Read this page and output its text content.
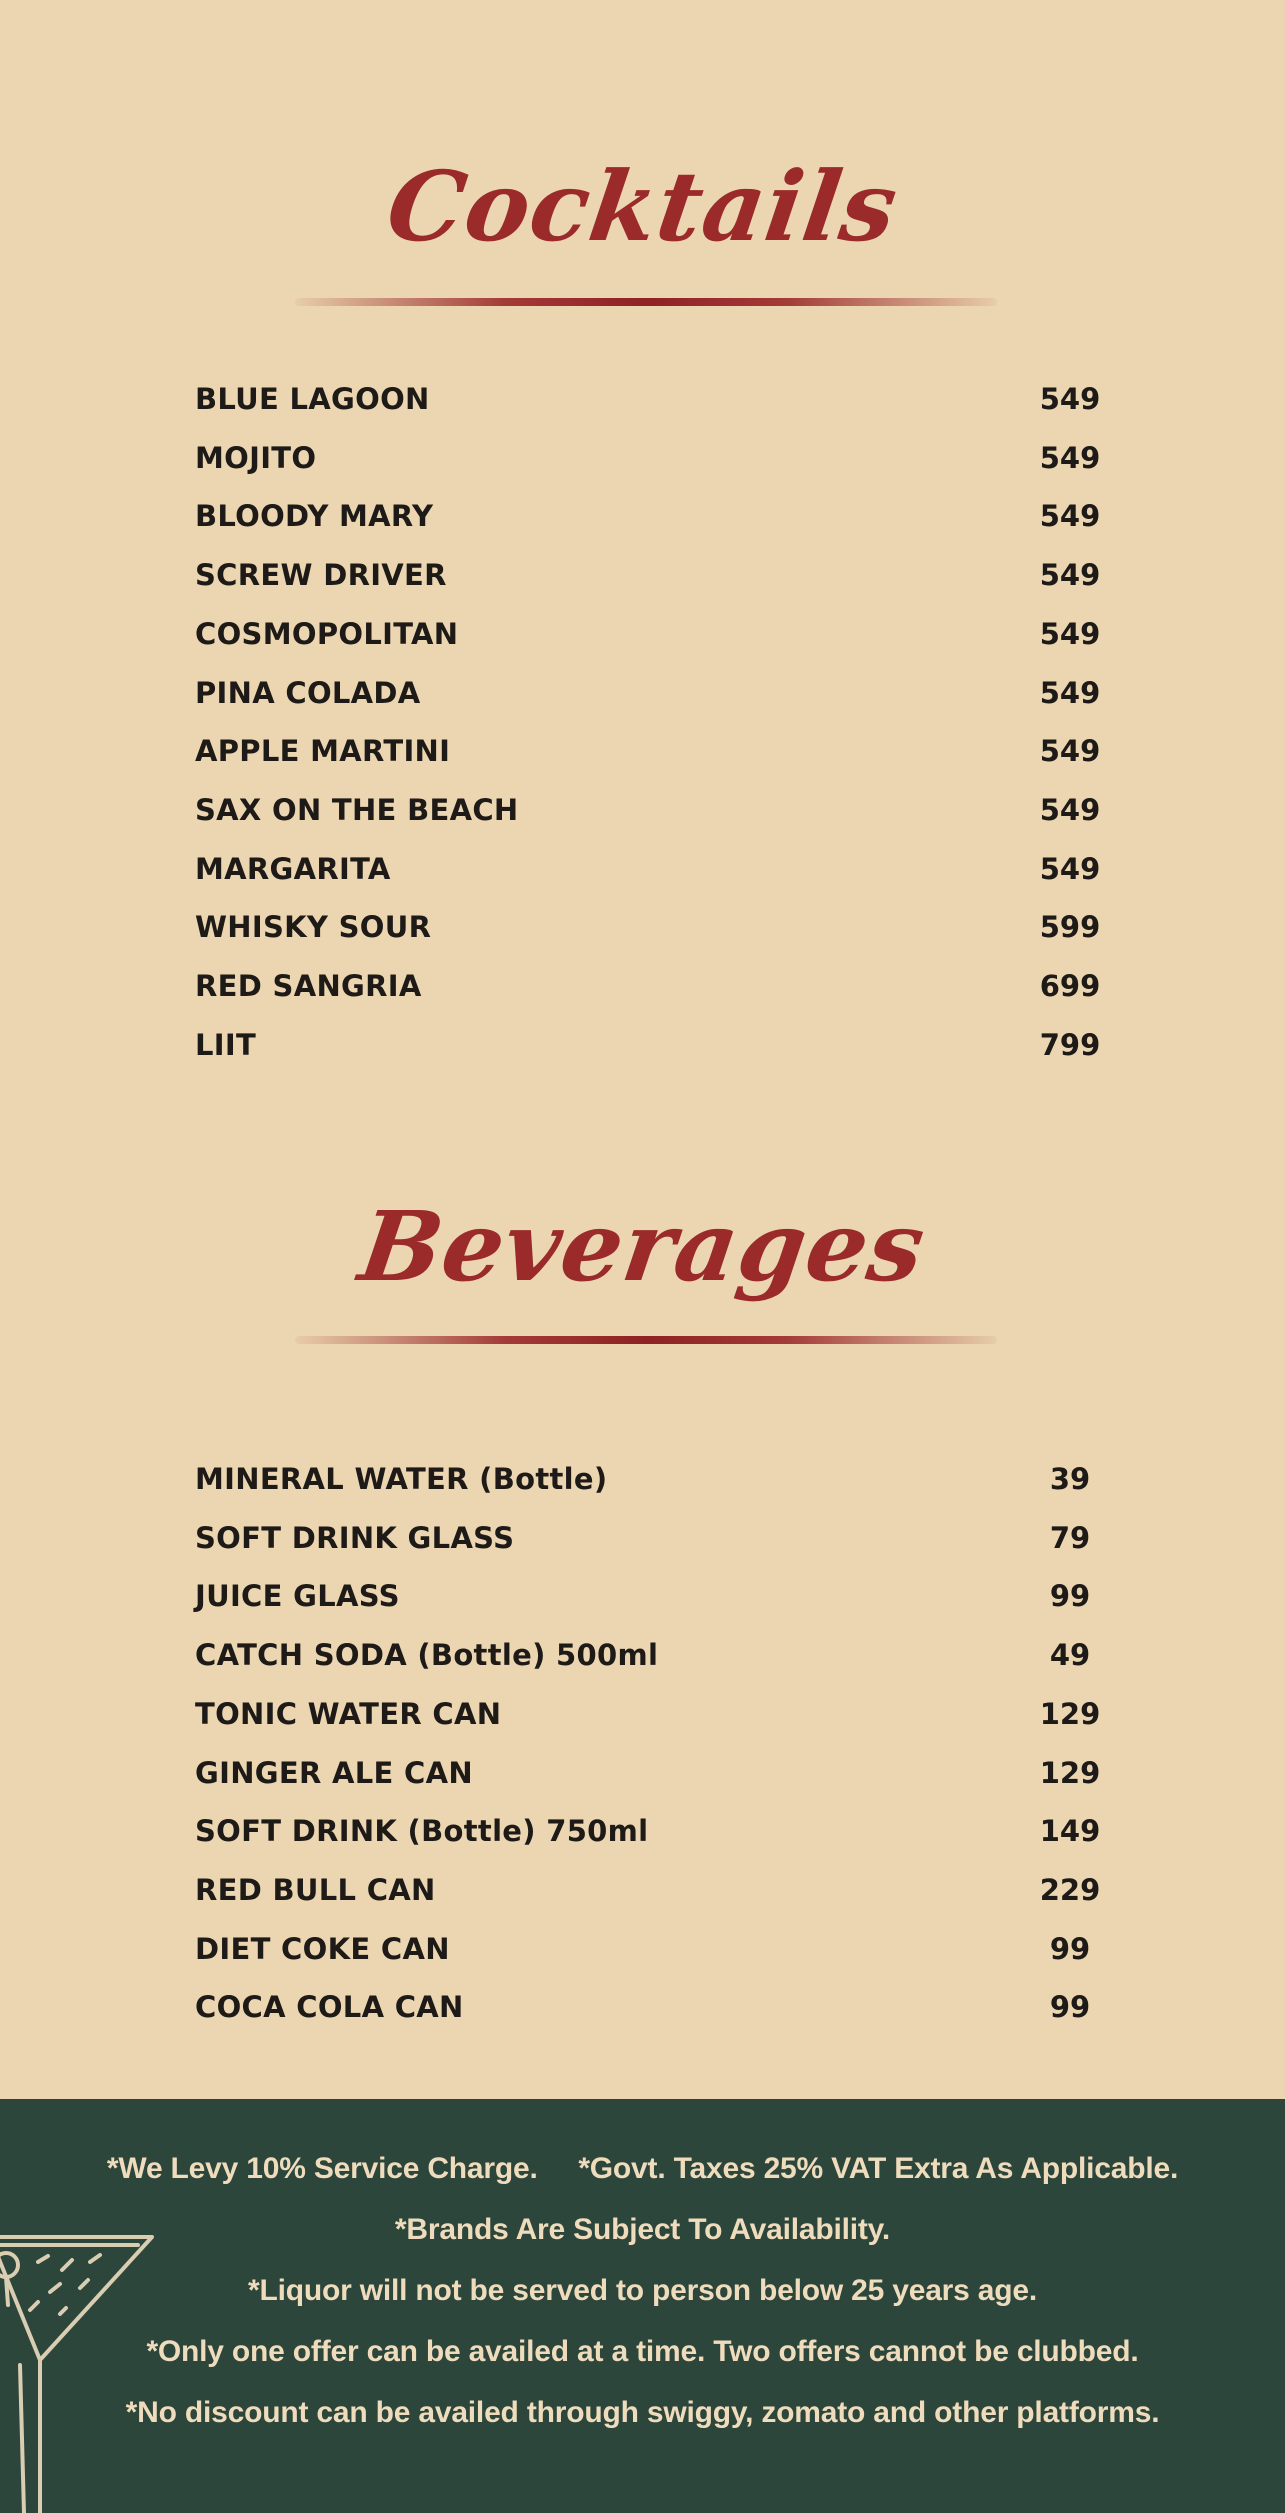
Cocktails
BLUE LAGOON	549
MOJITO	549
BLOODY MARY	549
SCREW DRIVER	549
COSMOPOLITAN	549
PINA COLADA	549
APPLE MARTINI	549
SAX ON THE BEACH	549
MARGARITA	549
WHISKY SOUR	599
RED SANGRIA	699
LIIT	799
Beverages
MINERAL WATER (Bottle)	39
SOFT DRINK GLASS	79
JUICE GLASS	99
CATCH SODA (Bottle) 500ml	49
TONIC WATER CAN	129
GINGER ALE CAN	129
SOFT DRINK (Bottle) 750ml	149
RED BULL CAN	229
DIET COKE CAN	99
COCA COLA CAN	99
*We Levy 10% Service Charge.     *Govt. Taxes 25% VAT Extra As Applicable.
*Brands Are Subject To Availability.
*Liquor will not be served to person below 25 years age.
*Only one offer can be availed at a time. Two offers cannot be clubbed.
*No discount can be availed through swiggy, zomato and other platforms.
